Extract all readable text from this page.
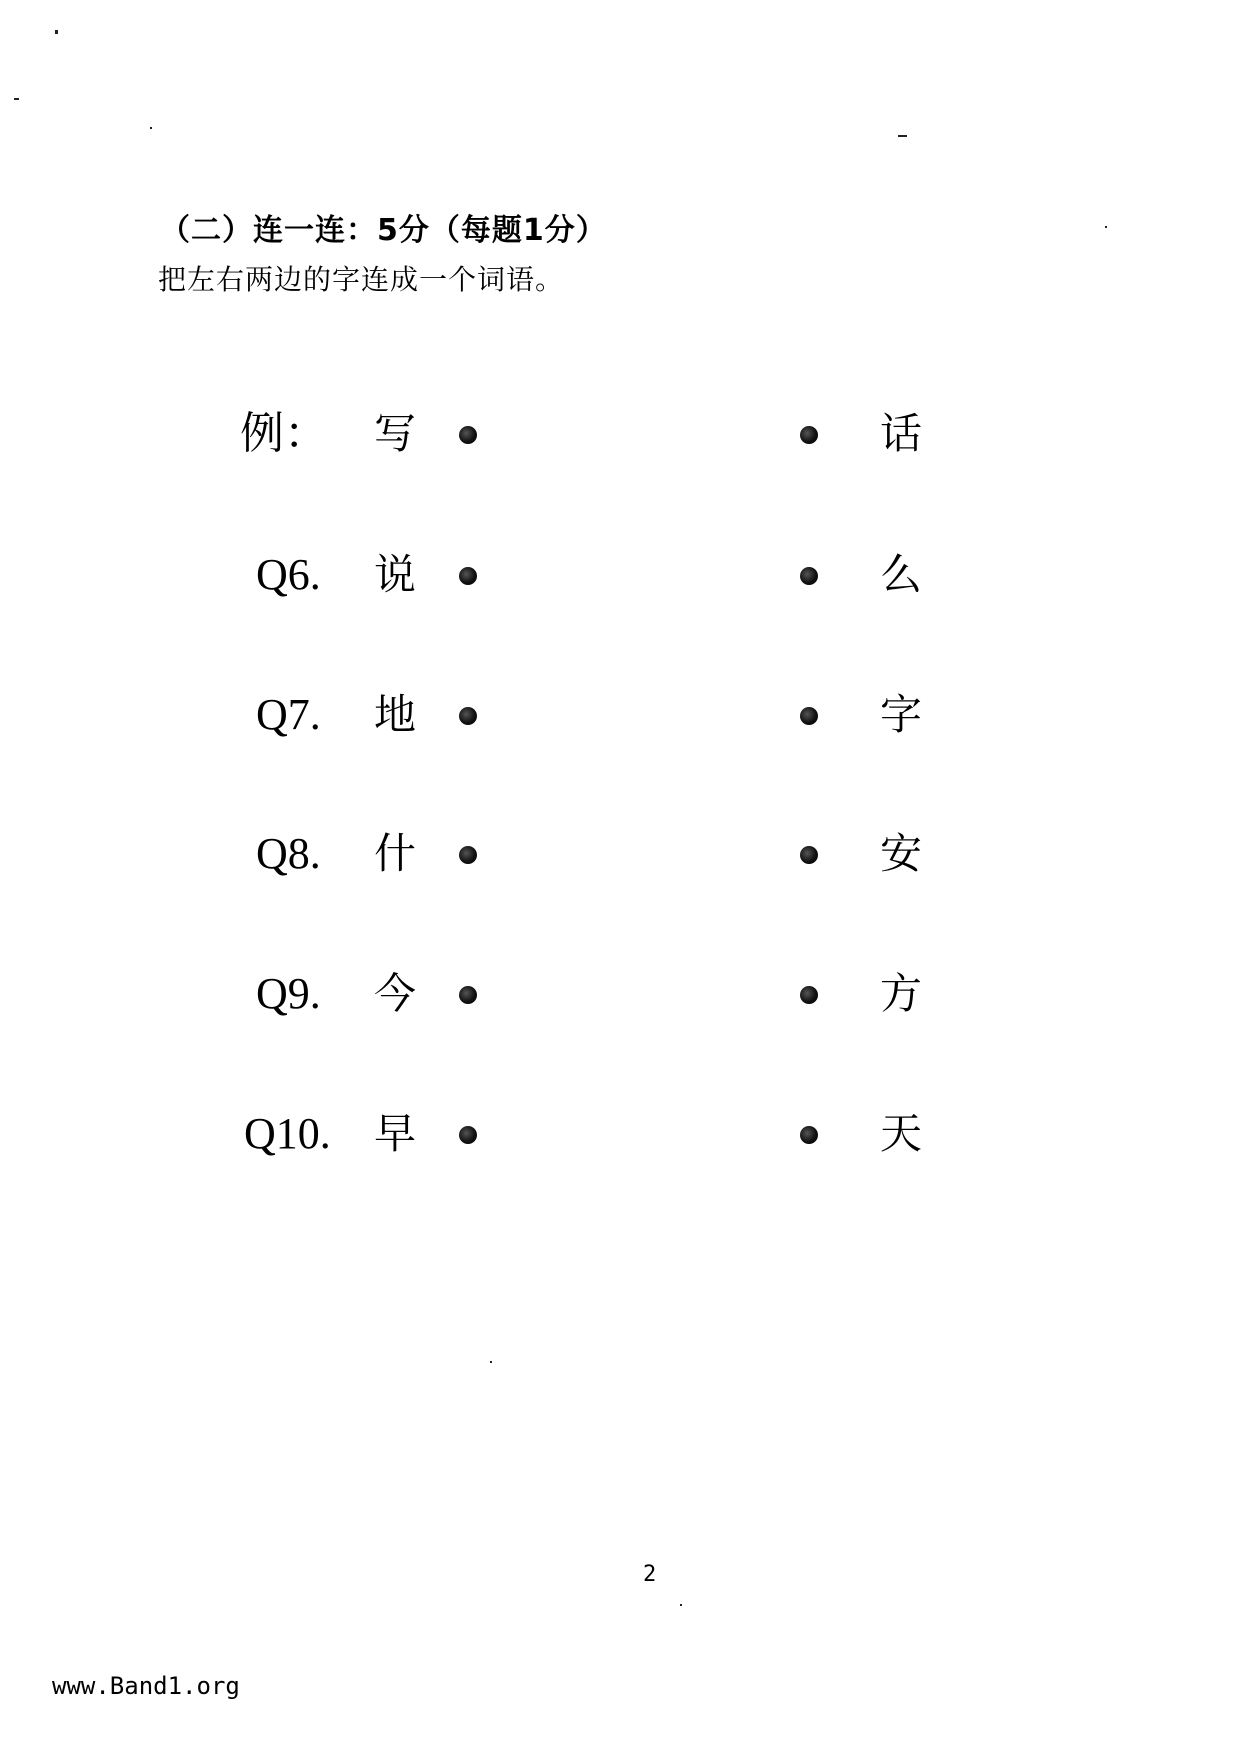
（二）连一连：5分（每题1分）
把左右两边的字连成一个词语。
例： 写	话
Q6. 说	么
Q7. 地	字
Q8. 什	安
Q9. 今	方
Q10. 早	天
2
www.Band1.org
